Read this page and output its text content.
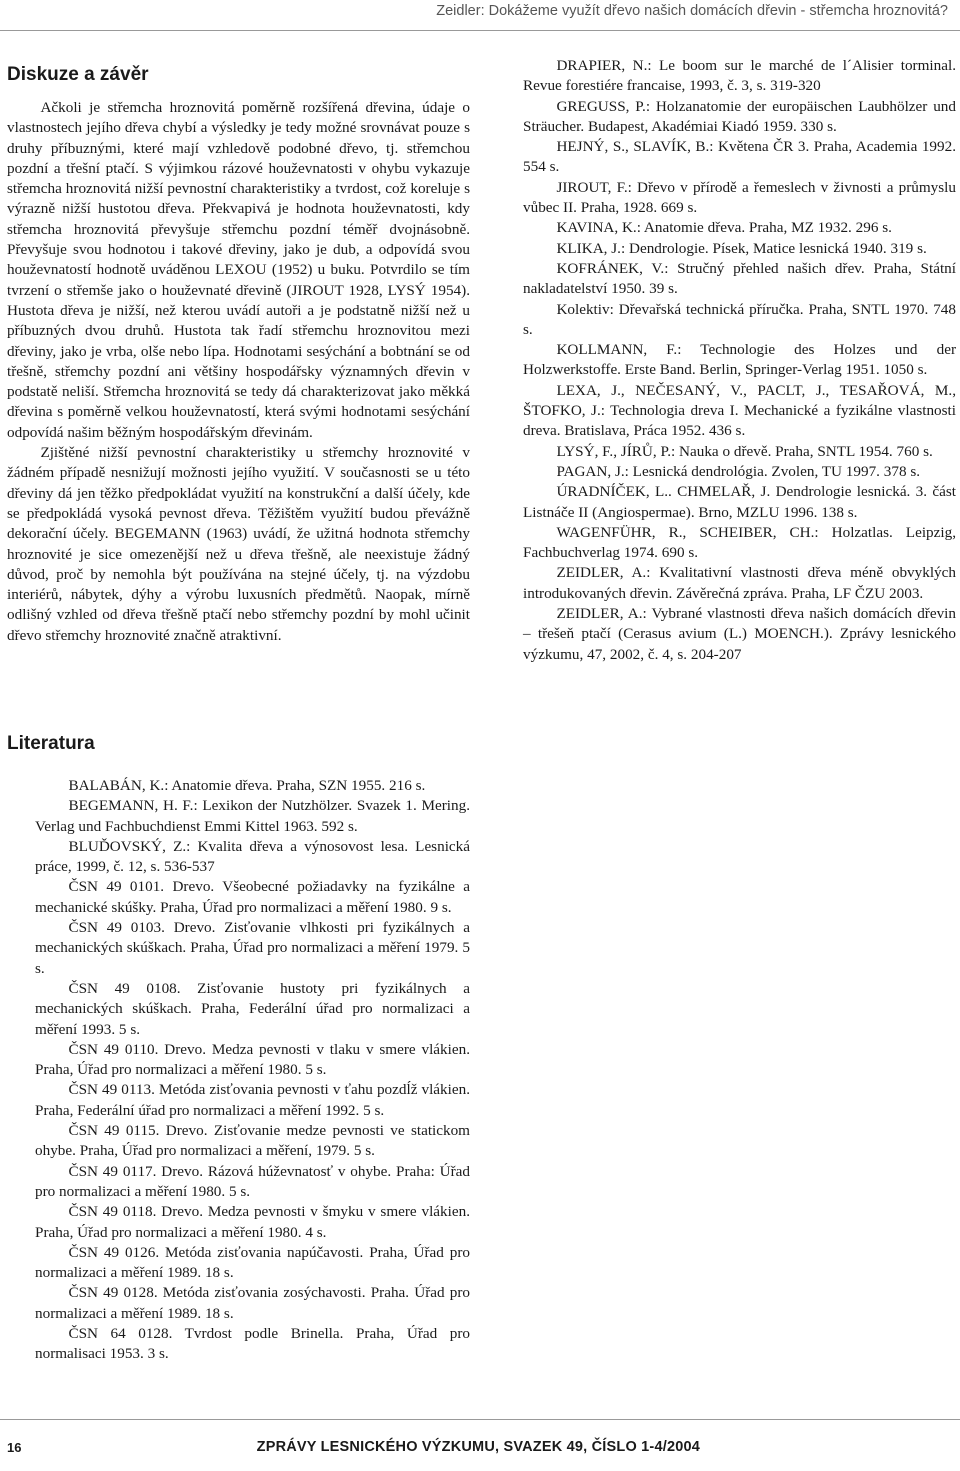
Zeidler: Dokážeme využít dřevo našich domácích dřevin - střemcha hroznovitá?
Diskuze a závěr

Ačkoli je střemcha hroznovitá poměrně rozšířená dřevina, údaje o vlastnostech jejího dřeva chybí a výsledky je tedy možné srovnávat pouze s druhy příbuznými, které mají vzhledově podobné dřevo, tj. střemchou pozdní a třešní ptačí. S výjimkou rázové houževnatosti v ohybu vykazuje střemcha hroznovitá nižší pevnostní charakteristiky a tvrdost, což koreluje s výrazně nižší hustotou dřeva. Překvapivá je hodnota houževnatosti, kdy střemcha hroznovitá převyšuje střemchu pozdní téměř dvojnásobně. Převyšuje svou hodnotou i takové dřeviny, jako je dub, a odpovídá svou houževnatostí hodnotě uváděnou LEXOU (1952) u buku. Potvrdilo se tím tvrzení o střemše jako o houževnaté dřevině (JIROUT 1928, LYSÝ 1954). Hustota dřeva je nižší, než kterou uvádí autoři a je podstatně nižší než u příbuzných dvou druhů. Hustota tak řadí střemchu hroznovitou mezi dřeviny, jako je vrba, olše nebo lípa. Hodnotami sesýchání a bobtnání se od třešně, střemchy pozdní ani většiny hospodářsky významných dřevin v podstatě neliší. Střemcha hroznovitá se tedy dá charakterizovat jako měkká dřevina s poměrně velkou houževnatostí, která svými hodnotami sesýchání odpovídá našim běžným hospodářským dřevinám.

Zjištěné nižší pevnostní charakteristiky u střemchy hroznovité v žádném případě nesnižují možnosti jejího využití. V současnosti se u této dřeviny dá jen těžko předpokládat využití na konstrukční a další účely, kde se předpokládá vysoká pevnost dřeva. Těžištěm využití budou převážně dekorační účely. BEGEMANN (1963) uvádí, že užitná hodnota střemchy hroznovité je sice omezenější než u dřeva třešně, ale neexistuje žádný důvod, proč by nemohla být používána na stejné účely, tj. na výzdobu interiérů, nábytek, dýhy a výrobu luxusních předmětů. Naopak, mírně odlišný vzhled od dřeva třešně ptačí nebo střemchy pozdní by mohl učinit dřevo střemchy hroznovité značně atraktivní.

DRAPIER, N.: Le boom sur le marché de l´Alisier torminal. Revue forestiére francaise, 1993, č. 3, s. 319-320

GREGUSS, P.: Holzanatomie der europäischen Laubhölzer und Sträucher. Budapest, Akadémiai Kiadó 1959. 330 s.

HEJNÝ, S., SLAVÍK, B.: Květena ČR 3. Praha, Academia 1992. 554 s.

JIROUT, F.: Dřevo v přírodě a řemeslech v živnosti a průmyslu vůbec II. Praha, 1928. 669 s.

KAVINA, K.: Anatomie dřeva. Praha, MZ 1932. 296 s.

KLIKA, J.: Dendrologie. Písek, Matice lesnická 1940. 319 s.

KOFRÁNEK, V.: Stručný přehled našich dřev. Praha, Státní nakladatelství 1950. 39 s.

Kolektiv: Dřevařská technická příručka. Praha, SNTL 1970. 748 s.

KOLLMANN, F.: Technologie des Holzes und der Holzwerkstoffe. Erste Band. Berlin, Springer-Verlag 1951. 1050 s.

LEXA, J., NEČESANÝ, V., PACLT, J., TESAŘOVÁ, M., ŠTOFKO, J.: Technologia dreva I. Mechanické a fyzikálne vlastnosti dreva. Bratislava, Práca 1952. 436 s.

LYSÝ, F., JÍRŮ, P.: Nauka o dřevě. Praha, SNTL 1954. 760 s.

PAGAN, J.: Lesnická dendrológia. Zvolen, TU 1997. 378 s.

ÚRADNÍČEK, L.. CHMELAŘ, J. Dendrologie lesnická. 3. část Listnáče II (Angiospermae). Brno, MZLU 1996. 138 s.

WAGENFÜHR, R., SCHEIBER, CH.: Holzatlas. Leipzig, Fachbuchverlag 1974. 690 s.

ZEIDLER, A.: Kvalitativní vlastnosti dřeva méně obvyklých introdukovaných dřevin. Závěrečná zpráva. Praha, LF ČZU 2003.

ZEIDLER, A.: Vybrané vlastnosti dřeva našich domácích dřevin – třešeň ptačí (Cerasus avium (L.) MOENCH.). Zprávy lesnického výzkumu, 47, 2002, č. 4, s. 204-207

Literatura

BALABÁN, K.: Anatomie dřeva. Praha, SZN 1955. 216 s.

BEGEMANN, H. F.: Lexikon der Nutzhölzer. Svazek 1. Mering. Verlag und Fachbuchdienst Emmi Kittel 1963. 592 s.

BLUĎOVSKÝ, Z.: Kvalita dřeva a výnosovost lesa. Lesnická práce, 1999, č. 12, s. 536-537

ČSN 49 0101. Drevo. Všeobecné požiadavky na fyzikálne a mechanické skúšky. Praha, Úřad pro normalizaci a měření 1980. 9 s.

ČSN 49 0103. Drevo. Zisťovanie vlhkosti pri fyzikálnych a mechanických skúškach. Praha, Úřad pro normalizaci a měření 1979. 5 s.

ČSN 49 0108. Zisťovanie hustoty pri fyzikálnych a mechanických skúškach. Praha, Federální úřad pro normalizaci a měření 1993. 5 s.

ČSN 49 0110. Drevo. Medza pevnosti v tlaku v smere vlákien. Praha, Úřad pro normalizaci a měření 1980. 5 s.

ČSN 49 0113. Metóda zisťovania pevnosti v ťahu pozdĺž vlákien. Praha, Federální úřad pro normalizaci a měření 1992. 5 s.

ČSN 49 0115. Drevo. Zisťovanie medze pevnosti ve statickom ohybe. Praha, Úřad pro normalizaci a měření, 1979. 5 s.

ČSN 49 0117. Drevo. Rázová húževnatosť v ohybe. Praha: Úřad pro normalizaci a měření 1980. 5 s.

ČSN 49 0118. Drevo. Medza pevnosti v šmyku v smere vlákien. Praha, Úřad pro normalizaci a měření 1980. 4 s.

ČSN 49 0126. Metóda zisťovania napúčavosti. Praha, Úřad pro normalizaci a měření 1989. 18 s.

ČSN 49 0128. Metóda zisťovania zosýchavosti. Praha. Úřad pro normalizaci a měření 1989. 18 s.

ČSN 64 0128. Tvrdost podle Brinella. Praha, Úřad pro normalisaci 1953. 3 s.

16	ZPRÁVY LESNICKÉHO VÝZKUMU, SVAZEK 49, ČÍSLO 1-4/2004
